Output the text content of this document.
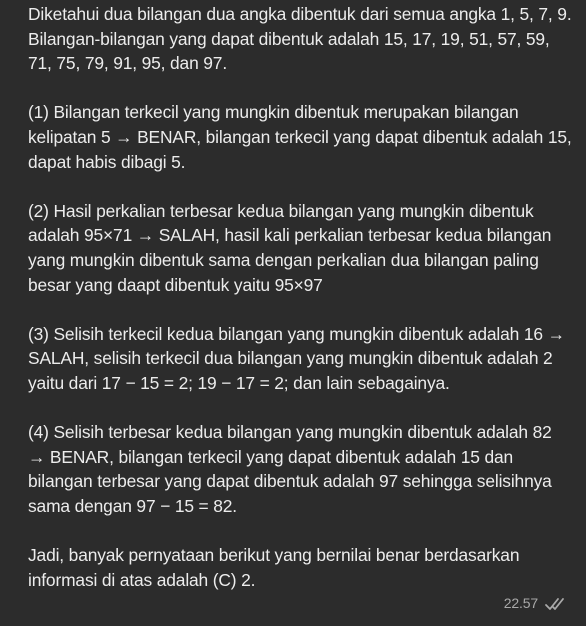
Diketahui dua bilangan dua angka dibentuk dari semua angka 1, 5, 7, 9. Bilangan-bilangan yang dapat dibentuk adalah 15, 17, 19, 51, 57, 59, 71, 75, 79, 91, 95, dan 97.

(1) Bilangan terkecil yang mungkin dibentuk merupakan bilangan kelipatan 5 → BENAR, bilangan terkecil yang dapat dibentuk adalah 15, dapat habis dibagi 5.

(2) Hasil perkalian terbesar kedua bilangan yang mungkin dibentuk adalah 95×71 → SALAH, hasil kali perkalian terbesar kedua bilangan yang mungkin dibentuk sama dengan perkalian dua bilangan paling besar yang daapt dibentuk yaitu 95×97

(3) Selisih terkecil kedua bilangan yang mungkin dibentuk adalah 16 → SALAH, selisih terkecil dua bilangan yang mungkin dibentuk adalah 2 yaitu dari 17 − 15 = 2; 19 − 17 = 2; dan lain sebagainya.

(4) Selisih terbesar kedua bilangan yang mungkin dibentuk adalah 82 → BENAR, bilangan terkecil yang dapat dibentuk adalah 15 dan bilangan terbesar yang dapat dibentuk adalah 97 sehingga selisihnya sama dengan 97 − 15 = 82.

Jadi, banyak pernyataan berikut yang bernilai benar berdasarkan informasi di atas adalah (C) 2.

22.57
